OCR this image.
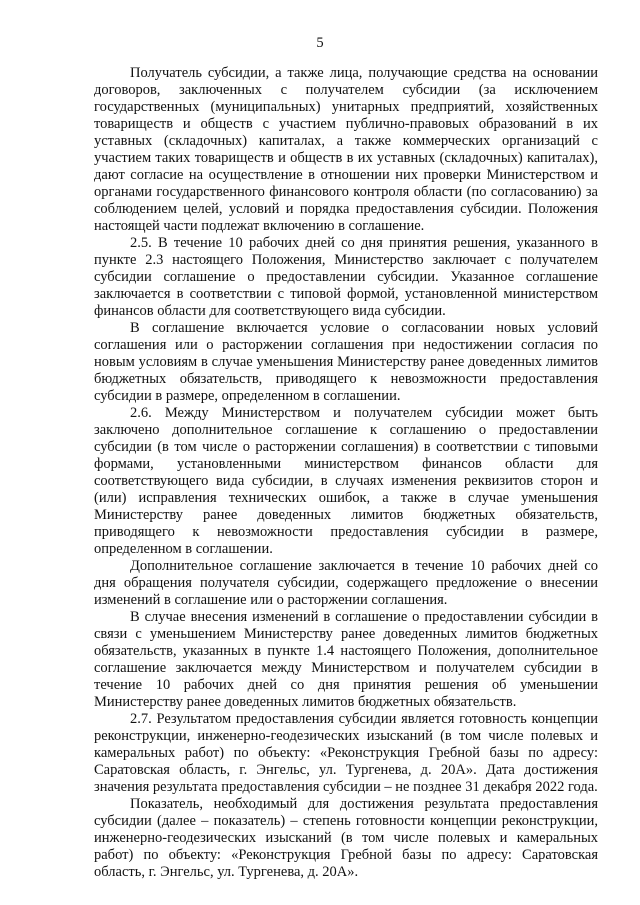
5

Получатель субсидии, а также лица, получающие средства на основании договоров, заключенных с получателем субсидии (за исключением государственных (муниципальных) унитарных предприятий, хозяйственных товариществ и обществ с участием публично-правовых образований в их уставных (складочных) капиталах, а также коммерческих организаций с участием таких товариществ и обществ в их уставных (складочных) капиталах), дают согласие на осуществление в отношении них проверки Министерством и органами государственного финансового контроля области (по согласованию) за соблюдением целей, условий и порядка предоставления субсидии. Положения настоящей части подлежат включению в соглашение.

2.5. В течение 10 рабочих дней со дня принятия решения, указанного в пункте 2.3 настоящего Положения, Министерство заключает с получателем субсидии соглашение о предоставлении субсидии. Указанное соглашение заключается в соответствии с типовой формой, установленной министерством финансов области для соответствующего вида субсидии.

В соглашение включается условие о согласовании новых условий соглашения или о расторжении соглашения при недостижении согласия по новым условиям в случае уменьшения Министерству ранее доведенных лимитов бюджетных обязательств, приводящего к невозможности предоставления субсидии в размере, определенном в соглашении.

2.6. Между Министерством и получателем субсидии может быть заключено дополнительное соглашение к соглашению о предоставлении субсидии (в том числе о расторжении соглашения) в соответствии с типовыми формами, установленными министерством финансов области для соответствующего вида субсидии, в случаях изменения реквизитов сторон и (или) исправления технических ошибок, а также в случае уменьшения Министерству ранее доведенных лимитов бюджетных обязательств, приводящего к невозможности предоставления субсидии в размере, определенном в соглашении.

Дополнительное соглашение заключается в течение 10 рабочих дней со дня обращения получателя субсидии, содержащего предложение о внесении изменений в соглашение или о расторжении соглашения.

В случае внесения изменений в соглашение о предоставлении субсидии в связи с уменьшением Министерству ранее доведенных лимитов бюджетных обязательств, указанных в пункте 1.4 настоящего Положения, дополнительное соглашение заключается между Министерством и получателем субсидии в течение 10 рабочих дней со дня принятия решения об уменьшении Министерству ранее доведенных лимитов бюджетных обязательств.

2.7. Результатом предоставления субсидии является готовность концепции реконструкции, инженерно-геодезических изысканий (в том числе полевых и камеральных работ) по объекту: «Реконструкция Гребной базы по адресу: Саратовская область, г. Энгельс, ул. Тургенева, д. 20А». Дата достижения значения результата предоставления субсидии – не позднее 31 декабря 2022 года.

Показатель, необходимый для достижения результата предоставления субсидии (далее – показатель) – степень готовности концепции реконструкции, инженерно-геодезических изысканий (в том числе полевых и камеральных работ) по объекту: «Реконструкция Гребной базы по адресу: Саратовская область, г. Энгельс, ул. Тургенева, д. 20А».
